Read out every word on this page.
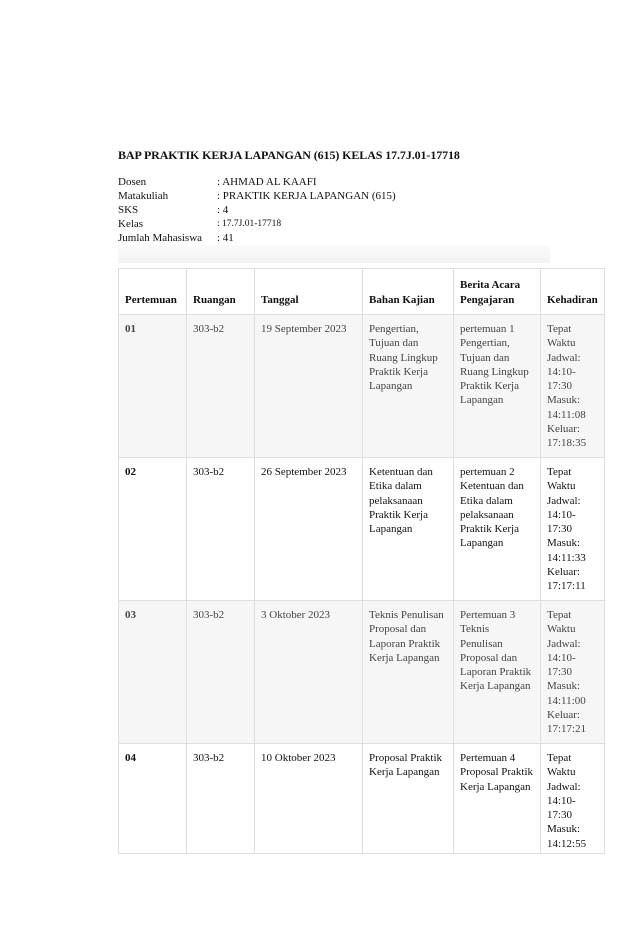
BAP PRAKTIK KERJA LAPANGAN (615) KELAS 17.7J.01-17718
Dosen	: AHMAD AL KAAFI
Matakuliah	: PRAKTIK KERJA LAPANGAN (615)
SKS	: 4
Kelas	: 17.7J.01-17718
Jumlah Mahasiswa	: 41
Pertemuan	Ruangan	Tanggal	Bahan Kajian	Berita Acara Pengajaran	Kehadiran
01	303-b2	19 September 2023	Pengertian, Tujuan dan Ruang Lingkup Praktik Kerja Lapangan	pertemuan 1 Pengertian, Tujuan dan Ruang Lingkup Praktik Kerja Lapangan	Tepat Waktu Jadwal: 14:10-17:30 Masuk: 14:11:08 Keluar: 17:18:35
02	303-b2	26 September 2023	Ketentuan dan Etika dalam pelaksanaan Praktik Kerja Lapangan	pertemuan 2 Ketentuan dan Etika dalam pelaksanaan Praktik Kerja Lapangan	Tepat Waktu Jadwal: 14:10-17:30 Masuk: 14:11:33 Keluar: 17:17:11
03	303-b2	3 Oktober 2023	Teknis Penulisan Proposal dan Laporan Praktik Kerja Lapangan	Pertemuan 3 Teknis Penulisan Proposal dan Laporan Praktik Kerja Lapangan	Tepat Waktu Jadwal: 14:10-17:30 Masuk: 14:11:00 Keluar: 17:17:21
04	303-b2	10 Oktober 2023	Proposal Praktik Kerja Lapangan	Pertemuan 4 Proposal Praktik Kerja Lapangan	Tepat Waktu Jadwal: 14:10-17:30 Masuk: 14:12:55
